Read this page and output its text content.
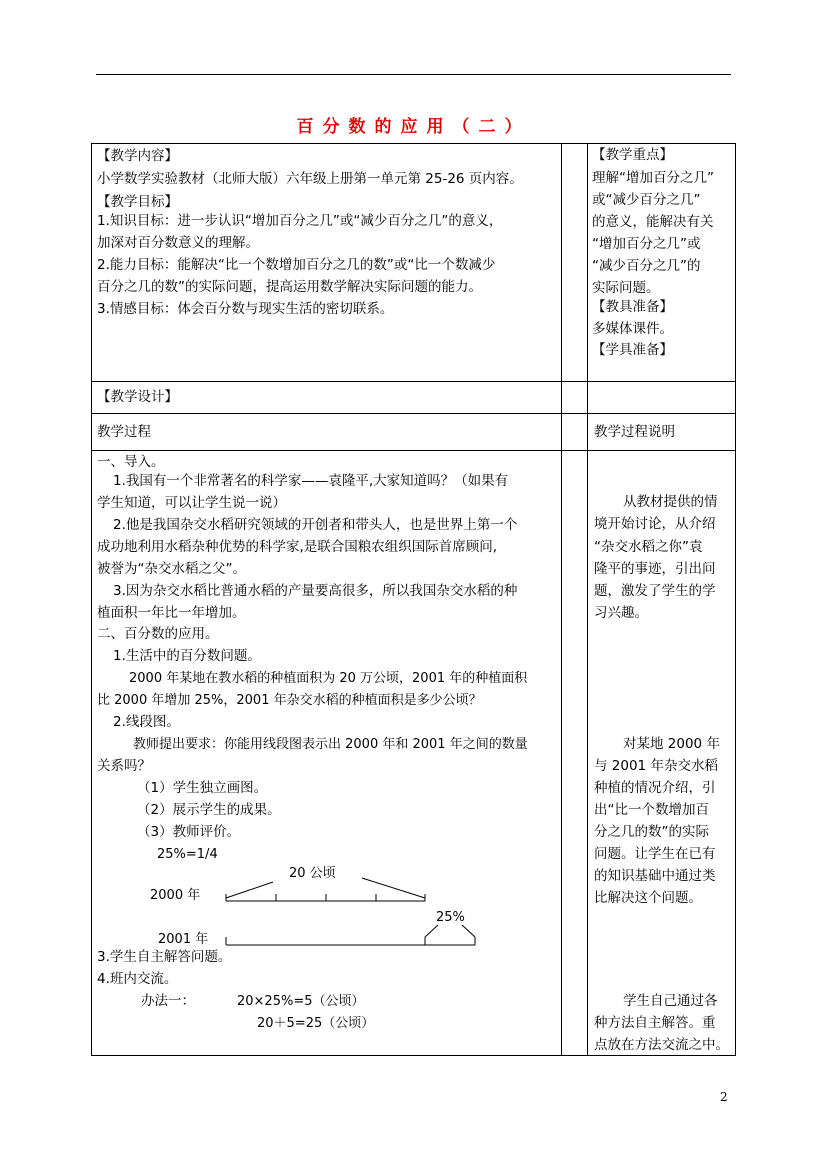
百分数的应用（二）
【教学内容】
小学数学实验教材（北师大版）六年级上册第一单元第 25-26 页内容。
【教学目标】
1.知识目标：进一步认识“增加百分之几”或“减少百分之几”的意义，
加深对百分数意义的理解。
2.能力目标：能解决“比一个数增加百分之几的数”或“比一个数减少
百分之几的数”的实际问题，提高运用数学解决实际问题的能力。
3.情感目标：体会百分数与现实生活的密切联系。
【教学设计】
教学过程
一、导入。
1.我国有一个非常著名的科学家——袁隆平,大家知道吗？（如果有
学生知道，可以让学生说一说）
2.他是我国杂交水稻研究领域的开创者和带头人，也是世界上第一个
成功地利用水稻杂种优势的科学家,是联合国粮农组织国际首席顾问,
被誉为“杂交水稻之父”。
3.因为杂交水稻比普通水稻的产量要高很多，所以我国杂交水稻的种
植面积一年比一年增加。
二、百分数的应用。
1.生活中的百分数问题。
2000 年某地在教水稻的种植面积为 20 万公顷，2001 年的种植面积
比 2000 年增加 25%，2001 年杂交水稻的种植面积是多少公顷？
2.线段图。
教师提出要求：你能用线段图表示出 2000 年和 2001 年之间的数量
关系吗？
（1）学生独立画图。
（2）展示学生的成果。
（3）教师评价。
25%=1/4
20 公顷
2000 年
25%
2001 年
3.学生自主解答问题。
4.班内交流。
办法一：	20×25%=5（公顷）
20＋5=25（公顷）
【教学重点】
理解“增加百分之几”
或“减少百分之几”
的意义，能解决有关
“增加百分之几”或
“减少百分之几”的
实际问题。
【教具准备】
多媒体课件。
【学具准备】
教学过程说明
从教材提供的情
境开始讨论，从介绍
“杂交水稻之你”袁
隆平的事迹，引出问
题，激发了学生的学
习兴趣。
对某地 2000 年
与 2001 年杂交水稻
种植的情况介绍，引
出“比一个数增加百
分之几的数”的实际
问题。让学生在已有
的知识基础中通过类
比解决这个问题。
学生自己通过各
种方法自主解答。重
点放在方法交流之中。
2
